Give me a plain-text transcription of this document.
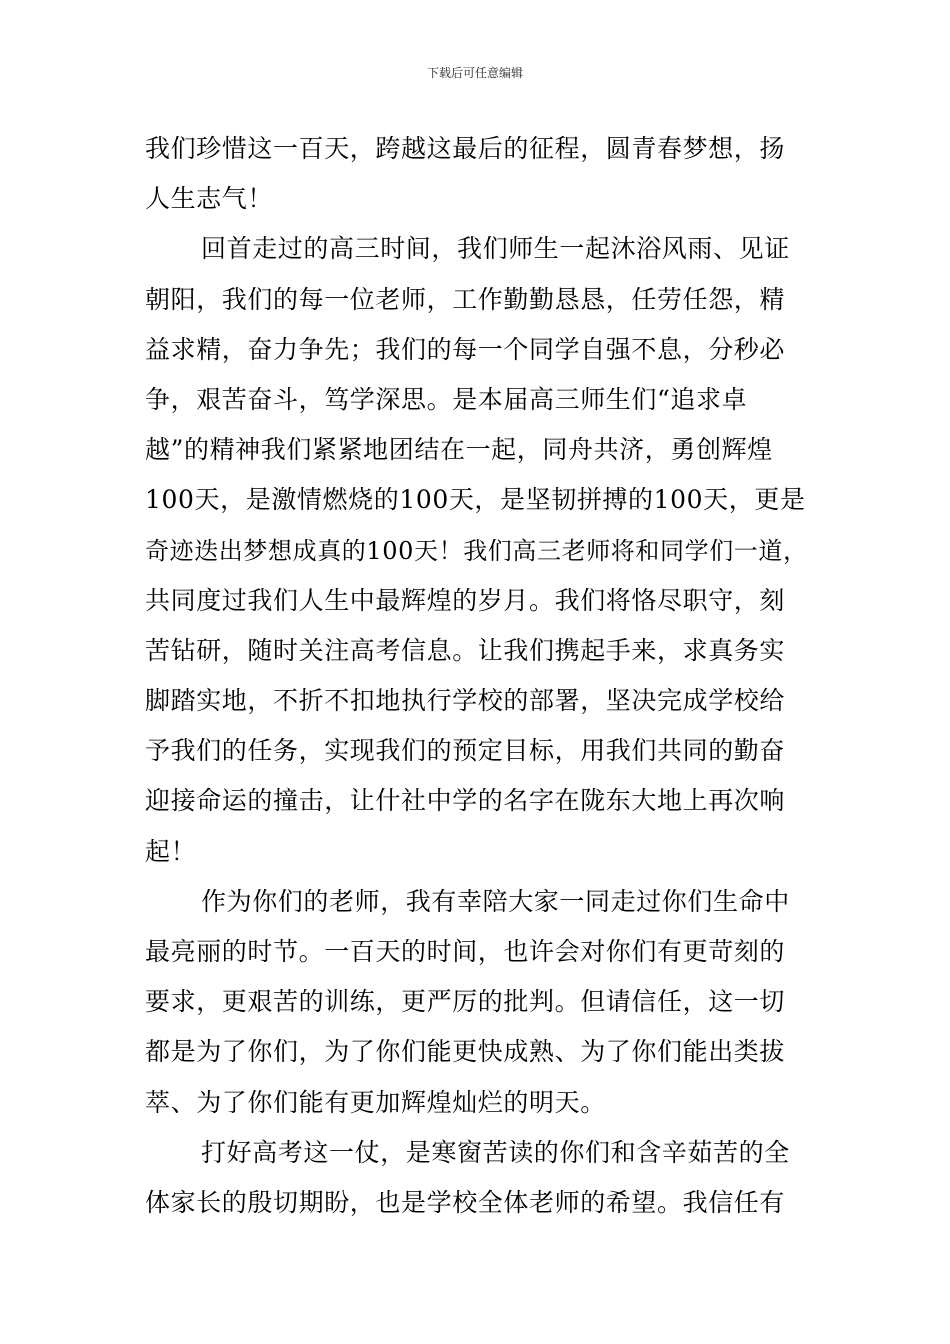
下载后可任意编辑
我们珍惜这一百天，跨越这最后的征程，圆青春梦想，扬
人生志气！
回首走过的高三时间，我们师生一起沐浴风雨、见证
朝阳，我们的每一位老师，工作勤勤恳恳，任劳任怨，精
益求精，奋力争先；我们的每一个同学自强不息，分秒必
争，艰苦奋斗，笃学深思。是本届高三师生们“追求卓
越”的精神我们紧紧地团结在一起，同舟共济，勇创辉煌
100天，是激情燃烧的100天，是坚韧拼搏的100天，更是
奇迹迭出梦想成真的100天！我们高三老师将和同学们一道，
共同度过我们人生中最辉煌的岁月。我们将恪尽职守，刻
苦钻研，随时关注高考信息。让我们携起手来，求真务实
脚踏实地，不折不扣地执行学校的部署，坚决完成学校给
予我们的任务，实现我们的预定目标，用我们共同的勤奋
迎接命运的撞击，让什社中学的名字在陇东大地上再次响
起！
作为你们的老师，我有幸陪大家一同走过你们生命中
最亮丽的时节。一百天的时间，也许会对你们有更苛刻的
要求，更艰苦的训练，更严厉的批判。但请信任，这一切
都是为了你们，为了你们能更快成熟、为了你们能出类拔
萃、为了你们能有更加辉煌灿烂的明天。
打好高考这一仗，是寒窗苦读的你们和含辛茹苦的全
体家长的殷切期盼，也是学校全体老师的希望。我信任有
